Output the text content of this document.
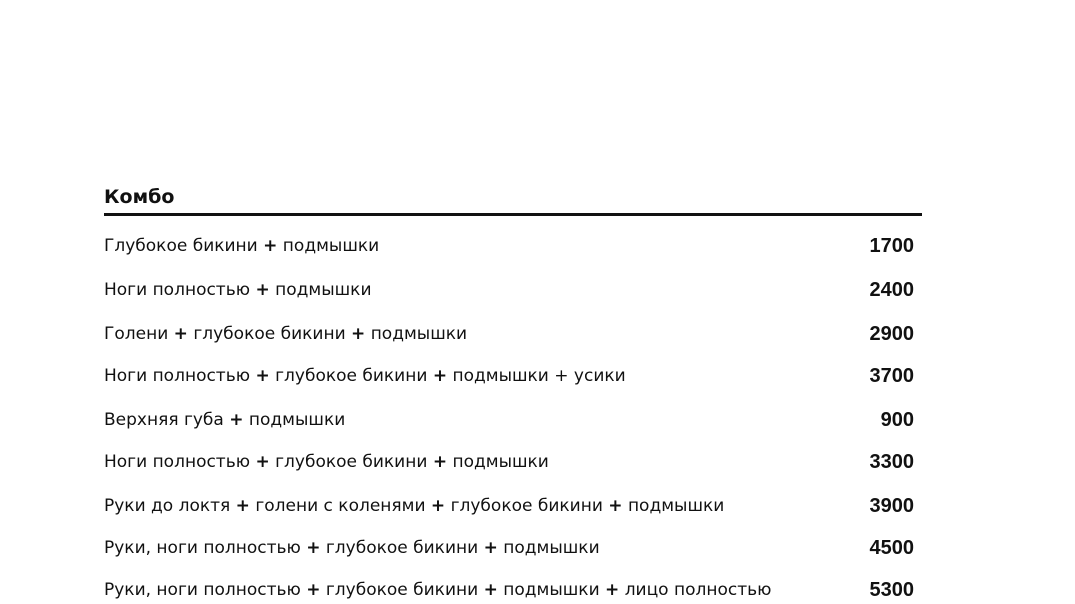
Комбо
Глубокое бикини + подмышки	1700
Ноги полностью + подмышки	2400
Голени + глубокое бикини + подмышки	2900
Ноги полностью + глубокое бикини + подмышки + усики	3700
Верхняя губа + подмышки	900
Ноги полностью + глубокое бикини + подмышки	3300
Руки до локтя + голени с коленями + глубокое бикини + подмышки	3900
Руки, ноги полностью + глубокое бикини + подмышки	4500
Руки, ноги полностью + глубокое бикини + подмышки + лицо полностью	5300
